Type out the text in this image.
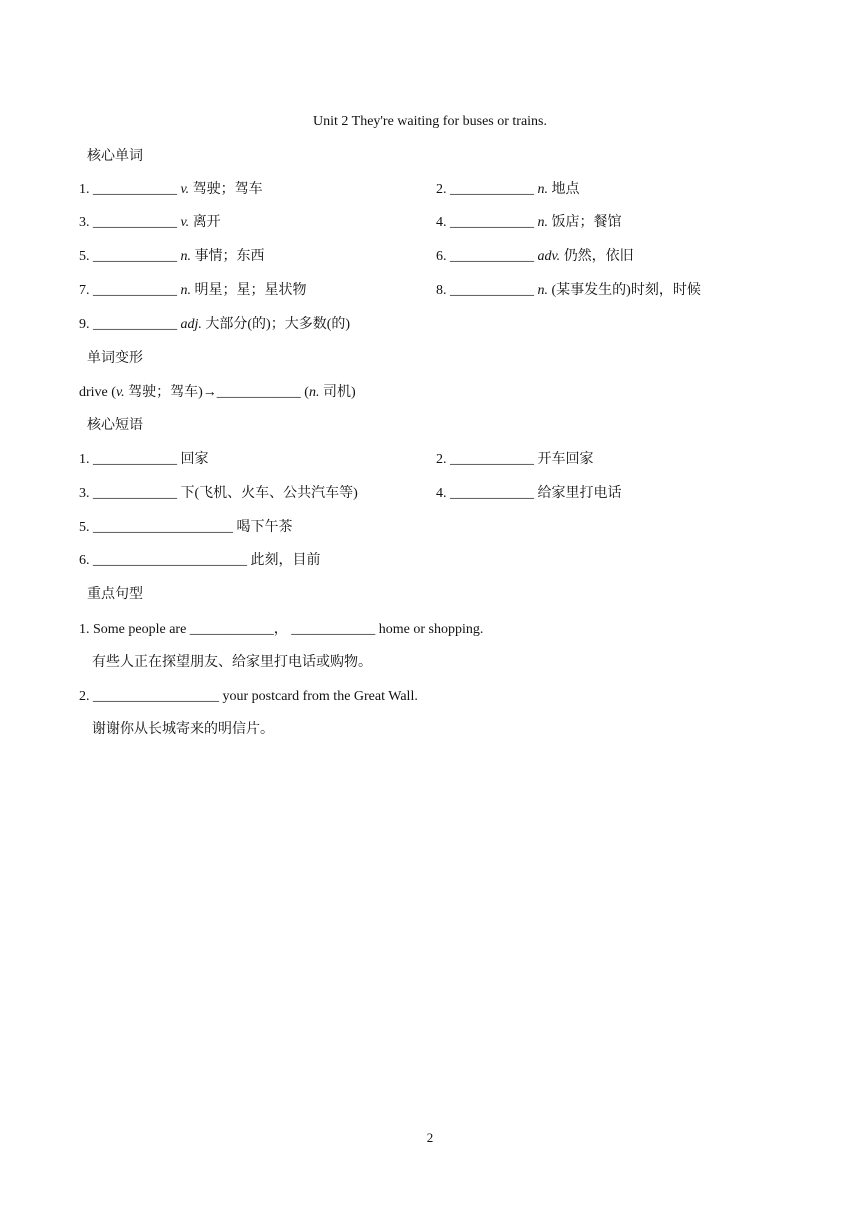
Unit 2 They're waiting for buses or trains.
核心单词
1. ____________ v. 驾驶；驾车	2. ____________ n. 地点
3. ____________ v. 离开	4. ____________ n. 饭店；餐馆
5. ____________ n. 事情；东西	6. ____________ adv. 仍然，依旧
7. ____________ n. 明星；星；星状物	8. ____________ n. (某事发生的)时刻，时候
9. ____________ adj. 大部分(的)；大多数(的)
单词变形
drive (v. 驾驶；驾车)→____________ (n. 司机)
核心短语
1. ____________ 回家	2. ____________ 开车回家
3. ____________ 下(飞机、火车、公共汽车等)	4. ____________ 给家里打电话
5. ____________________ 喝下午茶
6. ______________________ 此刻，目前
重点句型
1. Some people are ____________， ____________ home or shopping.
有些人正在探望朋友、给家里打电话或购物。
2. __________________ your postcard from the Great Wall.
谢谢你从长城寄来的明信片。
2
